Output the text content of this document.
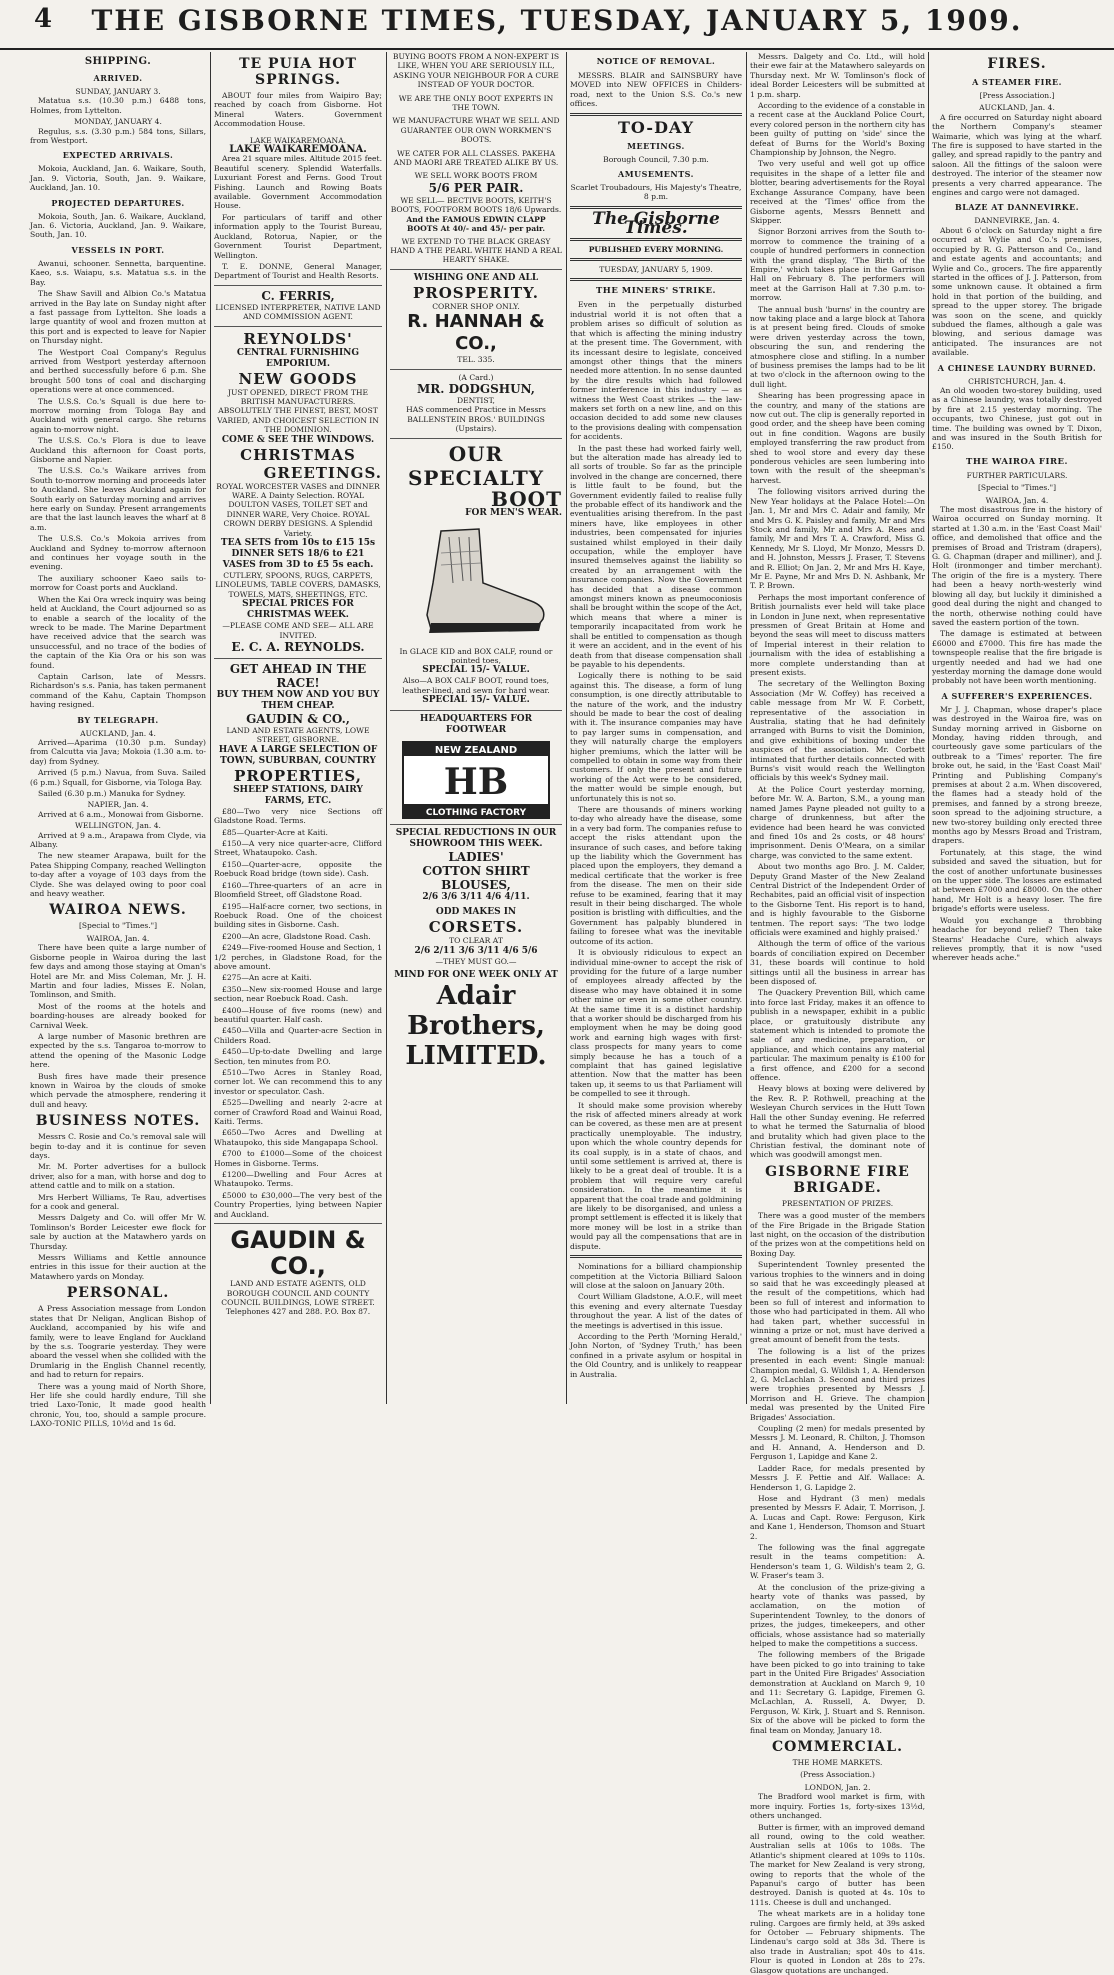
4	THE GISBORNE TIMES, TUESDAY, JANUARY 5, 1909.
SHIPPING.
ARRIVED.
SUNDAY, JANUARY 3.

Matatua s.s. (10.30 p.m.) 6488 tons, Holmes, from Lyttelton.

MONDAY, JANUARY 4.

Regulus, s.s. (3.30 p.m.) 584 tons, Sillars, from Westport.

EXPECTED ARRIVALS.

Mokoia, Auckland, Jan. 6. Waikare, South, Jan. 9. Victoria, South, Jan. 9. Waikare, Auckland, Jan. 10.

PROJECTED DEPARTURES.

Mokoia, South, Jan. 6. Waikare, Auckland, Jan. 6. Victoria, Auckland, Jan. 9. Waikare, South, Jan. 10.

VESSELS IN PORT.

Awanui, schooner. Sennetta, barquentine. Kaeo, s.s. Waiapu, s.s. Matatua s.s. in the Bay.

The Shaw Savill and Albion Co.'s Matatua arrived in the Bay late on Sunday night after a fast passage from Lyttelton. She loads a large quantity of wool and frozen mutton at this port and is expected to leave for Napier on Thursday night.

The Westport Coal Company's Regulus arrived from Westport yesterday afternoon and berthed successfully before 6 p.m. She brought 500 tons of coal and discharging operations were at once commenced.

The U.S.S. Co.'s Squall is due here to-morrow morning from Tologa Bay and Auckland with general cargo. She returns again to-morrow night.

The U.S.S. Co.'s Flora is due to leave Auckland this afternoon for Coast ports, Gisborne and Napier.

The U.S.S. Co.'s Waikare arrives from South to-morrow morning and proceeds later to Auckland. She leaves Auckland again for South early on Saturday morning and arrives here early on Sunday. Present arrangements are that the last launch leaves the wharf at 8 a.m.

The U.S.S. Co.'s Mokoia arrives from Auckland and Sydney to-morrow afternoon and continues her voyage south in the evening.

The auxiliary schooner Kaeo sails to-morrow for Coast ports and Auckland.

When the Kai Ora wreck inquiry was being held at Auckland, the Court adjourned so as to enable a search of the locality of the wreck to be made. The Marine Department have received advice that the search was unsuccessful, and no trace of the bodies of the captain of the Kia Ora or his son was found.

Captain Carlson, late of Messrs. Richardson's s.s. Pania, has taken permanent command of the Kahu, Captain Thompson having resigned.

BY TELEGRAPH.
AUCKLAND, Jan. 4.

Arrived—Aparima (10.30 p.m. Sunday) from Calcutta via Java; Mokoia (1.30 a.m. to-day) from Sydney.

Arrived (5 p.m.) Navua, from Suva. Sailed (6 p.m.) Squall, for Gisborne, via Tologa Bay.

Sailed (6.30 p.m.) Manuka for Sydney.

NAPIER, Jan. 4.

Arrived at 6 a.m., Monowai from Gisborne.

WELLINGTON, Jan. 4.

Arrived at 9 a.m., Arapawa from Clyde, via Albany.

The new steamer Arapawa, built for the Patea Shipping Company, reached Wellington to-day after a voyage of 103 days from the Clyde. She was delayed owing to poor coal and heavy weather.

WAIROA NEWS.
[Special to "Times."]
WAIROA, Jan. 4.

There have been quite a large number of Gisborne people in Wairoa during the last few days and among those staying at Oman's Hotel are Mr. and Miss Coleman, Mr. J. H. Martin and four ladies, Misses E. Nolan, Tomlinson, and Smith.

Most of the rooms at the hotels and boarding-houses are already booked for Carnival Week.

A large number of Masonic brethren are expected by the s.s. Tangaroa to-morrow to attend the opening of the Masonic Lodge here.

Bush fires have made their presence known in Wairoa by the clouds of smoke which pervade the atmosphere, rendering it dull and heavy.

BUSINESS NOTES.

Messrs C. Rosie and Co.'s removal sale will begin to-day and it is continue for seven days.

Mr. M. Porter advertises for a bullock driver, also for a man, with horse and dog to attend cattle and to milk on a station.

Mrs Herbert Williams, Te Rau, advertises for a cook and general.

Messrs Dalgety and Co. will offer Mr W. Tomlinson's Border Leicester ewe flock for sale by auction at the Matawhero yards on Thursday.

Messrs Williams and Kettle announce entries in this issue for their auction at the Matawhero yards on Monday.

PERSONAL.

A Press Association message from London states that Dr Neligan, Anglican Bishop of Auckland, accompanied by his wife and family, were to leave England for Auckland by the s.s. Toograrie yesterday. They were aboard the vessel when she collided with the Drumlarig in the English Channel recently, and had to return for repairs.

There was a young maid of North Shore, Her life she could hardly endure, Till she tried Laxo-Tonic, It made good health chronic, You, too, should a sample procure. LAXO-TONIC PILLS, 10½d and 1s 6d.

TE PUIA HOT SPRINGS.

ABOUT four miles from Waipiro Bay; reached by coach from Gisborne. Hot Mineral Waters. Government Accommodation House.

LAKE WAIKAREMOANA.
LAKE WAIKAREMOANA.

Area 21 square miles. Altitude 2015 feet. Beautiful scenery. Splendid Waterfalls. Luxuriant Forest and Ferns. Good Trout Fishing. Launch and Rowing Boats available. Government Accommodation House.

For particulars of tariff and other information apply to the Tourist Bureau, Auckland, Rotorua, Napier, or the Government Tourist Department, Wellington.

T. E. DONNE, General Manager, Department of Tourist and Health Resorts.

C. FERRIS,
LICENSED INTERPRETER, NATIVE LAND AND COMMISSION AGENT.
REYNOLDS'
CENTRAL FURNISHING EMPORIUM.
NEW GOODS
JUST OPENED, DIRECT FROM THE BRITISH MANUFACTURERS.
ABSOLUTELY THE FINEST, BEST, MOST VARIED, AND CHOICEST SELECTION IN THE DOMINION.
COME & SEE THE WINDOWS.
CHRISTMAS
GREETINGS.
ROYAL WORCESTER VASES and DINNER WARE. A Dainty Selection. ROYAL DOULTON VASES, TOILET SET and DINNER WARE, Very Choice. ROYAL CROWN DERBY DESIGNS. A Splendid Variety.
TEA SETS from 10s to £15 15s
DINNER SETS 18/6 to £21
VASES from 3D to £5 5s each.
CUTLERY, SPOONS, RUGS, CARPETS, LINOLEUMS, TABLE COVERS, DAMASKS, TOWELS, MATS, SHEETINGS, ETC.
SPECIAL PRICES FOR CHRISTMAS WEEK.
—PLEASE COME AND SEE— ALL ARE INVITED.
E. C. A. REYNOLDS.
GET AHEAD IN THE RACE!
BUY THEM NOW AND YOU BUY THEM CHEAP.
GAUDIN & CO.,
LAND AND ESTATE AGENTS, LOWE STREET, GISBORNE.
HAVE A LARGE SELECTION OF TOWN, SUBURBAN, COUNTRY
PROPERTIES,
SHEEP STATIONS, DAIRY FARMS, ETC.

£80—Two very nice Sections off Gladstone Road. Terms.

£85—Quarter-Acre at Kaiti.

£150—A very nice quarter-acre, Clifford Street, Whataupoko. Cash.

£150—Quarter-acre, opposite the Roebuck Road bridge (town side). Cash.

£160—Three-quarters of an acre in Bloomfield Street, off Gladstone Road.

£195—Half-acre corner, two sections, in Roebuck Road. One of the choicest building sites in Gisborne. Cash.

£200—An acre, Gladstone Road. Cash.

£249—Five-roomed House and Section, 1 1/2 perches, in Gladstone Road, for the above amount.

£275—An acre at Kaiti.

£350—New six-roomed House and large section, near Roebuck Road. Cash.

£400—House of five rooms (new) and beautiful quarter. Half cash.

£450—Villa and Quarter-acre Section in Childers Road.

£450—Up-to-date Dwelling and large Section, ten minutes from P.O.

£510—Two Acres in Stanley Road, corner lot. We can recommend this to any investor or speculator. Cash.

£525—Dwelling and nearly 2-acre at corner of Crawford Road and Wainui Road, Kaiti. Terms.

£650—Two Acres and Dwelling at Whataupoko, this side Mangapapa School.

£700 to £1000—Some of the choicest Homes in Gisborne. Terms.

£1200—Dwelling and Four Acres at Whataupoko. Terms.

£5000 to £30,000—The very best of the Country Properties, lying between Napier and Auckland.

GAUDIN & CO.,
LAND AND ESTATE AGENTS, OLD BOROUGH COUNCIL AND COUNTY COUNCIL BUILDINGS, LOWE STREET. Telephones 427 and 288. P.O. Box 87.
BUYING BOOTS FROM A NON-EXPERT IS LIKE, WHEN YOU ARE SERIOUSLY ILL, ASKING YOUR NEIGHBOUR FOR A CURE INSTEAD OF YOUR DOCTOR.
WE ARE THE ONLY BOOT EXPERTS IN THE TOWN.
WE MANUFACTURE WHAT WE SELL AND GUARANTEE OUR OWN WORKMEN'S BOOTS.
WE CATER FOR ALL CLASSES. PAKEHA AND MAORI ARE TREATED ALIKE BY US.
WE SELL WORK BOOTS FROM
5/6 PER PAIR.
WE SELL— BECTIVE BOOTS, KEITH'S BOOTS, FOOTFORM BOOTS 18/6 Upwards.
And the FAMOUS EDWIN CLAPP BOOTS At 40/- and 45/- per pair.
WE EXTEND TO THE BLACK GREASY HAND A THE PEARL WHITE HAND A REAL HEARTY SHAKE.
WISHING ONE AND ALL
PROSPERITY.
CORNER SHOP ONLY.
R. HANNAH & CO.,
TEL. 335.
(A Card.)
MR. DODGSHUN,
DENTIST,
HAS commenced Practice in Messrs BALLENSTEIN BROS.' BUILDINGS (Upstairs).
OUR SPECIALTY
BOOT
FOR MEN'S WEAR.
In GLACE KID and BOX CALF, round or pointed toes,
SPECIAL 15/- VALUE.
Also—A BOX CALF BOOT, round toes, leather-lined, and sewn for hard wear.
SPECIAL 15/- VALUE.
HEADQUARTERS FOR FOOTWEAR
NEW ZEALAND
HB
CLOTHING FACTORY
SPECIAL REDUCTIONS IN OUR SHOWROOM THIS WEEK.
LADIES'
COTTON SHIRT BLOUSES,
2/6 3/6 3/11 4/6 4/11.
ODD MAKES IN
CORSETS.
TO CLEAR AT
2/6 2/11 3/6 3/11 4/6 5/6
—THEY MUST GO.—
MIND FOR ONE WEEK ONLY AT
Adair Brothers, LIMITED.
NOTICE OF REMOVAL.

MESSRS. BLAIR and SAINSBURY have MOVED into NEW OFFICES in Childers-road, next to the Union S.S. Co.'s new offices.

TO-DAY
MEETINGS.
Borough Council, 7.30 p.m.
AMUSEMENTS.
Scarlet Troubadours, His Majesty's Theatre, 8 p.m.
The Gisborne Times.
PUBLISHED EVERY MORNING.
TUESDAY, JANUARY 5, 1909.
THE MINERS' STRIKE.

Even in the perpetually disturbed industrial world it is not often that a problem arises so difficult of solution as that which is affecting the mining industry at the present time. The Government, with its incessant desire to legislate, conceived amongst other things that the miners needed more attention. In no sense daunted by the dire results which had followed former interference in this industry — as witness the West Coast strikes — the law-makers set forth on a new line, and on this occasion decided to add some new clauses to the provisions dealing with compensation for accidents.

In the past these had worked fairly well, but the alteration made has already led to all sorts of trouble. So far as the principle involved in the change are concerned, there is little fault to be found, but the Government evidently failed to realise fully the probable effect of its handiwork and the eventualities arising therefrom. In the past miners have, like employees in other industries, been compensated for injuries sustained whilst employed in their daily occupation, while the employer have insured themselves against the liability so created by an arrangement with the insurance companies. Now the Government has decided that a disease common amongst miners known as pneumoconiosis shall be brought within the scope of the Act, which means that where a miner is temporarily incapacitated from work he shall be entitled to compensation as though it were an accident, and in the event of his death from that disease compensation shall be payable to his dependents.

Logically there is nothing to be said against this. The disease, a form of lung consumption, is one directly attributable to the nature of the work, and the industry should be made to bear the cost of dealing with it. The insurance companies may have to pay larger sums in compensation, and they will naturally charge the employers higher premiums, which the latter will be compelled to obtain in some way from their customers. If only the present and future working of the Act were to be considered, the matter would be simple enough, but unfortunately this is not so.

There are thousands of miners working to-day who already have the disease, some in a very bad form. The companies refuse to accept the risks attendant upon the insurance of such cases, and before taking up the liability which the Government has placed upon the employers, they demand a medical certificate that the worker is free from the disease. The men on their side refuse to be examined, fearing that it may result in their being discharged. The whole position is bristling with difficulties, and the Government has palpably blundered in failing to foresee what was the inevitable outcome of its action.

It is obviously ridiculous to expect an individual mine-owner to accept the risk of providing for the future of a large number of employees already affected by the disease who may have obtained it in some other mine or even in some other country. At the same time it is a distinct hardship that a worker should be discharged from his employment when he may be doing good work and earning high wages with first-class prospects for many years to come simply because he has a touch of a complaint that has gained legislative attention. Now that the matter has been taken up, it seems to us that Parliament will be compelled to see it through.

It should make some provision whereby the risk of affected miners already at work can be covered, as these men are at present practically unemployable. The industry, upon which the whole country depends for its coal supply, is in a state of chaos, and until some settlement is arrived at, there is likely to be a great deal of trouble. It is a problem that will require very careful consideration. In the meantime it is apparent that the coal trade and goldmining are likely to be disorganised, and unless a prompt settlement is effected it is likely that more money will be lost in a strike than would pay all the compensations that are in dispute.

Nominations for a billiard championship competition at the Victoria Billiard Saloon will close at the saloon on January 20th.

Court William Gladstone, A.O.F., will meet this evening and every alternate Tuesday throughout the year. A list of the dates of the meetings is advertised in this issue.

According to the Perth 'Morning Herald,' John Norton, of 'Sydney Truth,' has been confined in a private asylum or hospital in the Old Country, and is unlikely to reappear in Australia.

Messrs. Dalgety and Co. Ltd., will hold their ewe fair at the Matawhero saleyards on Thursday next. Mr W. Tomlinson's flock of ideal Border Leicesters will be submitted at 1 p.m. sharp.

According to the evidence of a constable in a recent case at the Auckland Police Court, every colored person in the northern city has been guilty of putting on 'side' since the defeat of Burns for the World's Boxing Championship by Johnson, the Negro.

Two very useful and well got up office requisites in the shape of a letter file and blotter, bearing advertisements for the Royal Exchange Assurance Company, have been received at the 'Times' office from the Gisborne agents, Messrs Bennett and Skipper.

Signor Borzoni arrives from the South to-morrow to commence the training of a couple of hundred performers in connection with the grand display, 'The Birth of the Empire,' which takes place in the Garrison Hall on February 8. The performers will meet at the Garrison Hall at 7.30 p.m. to-morrow.

The annual bush 'burns' in the country are now taking place and a large block at Tahora is at present being fired. Clouds of smoke were driven yesterday across the town, obscuring the sun, and rendering the atmosphere close and stifling. In a number of business premises the lamps had to be lit at two o'clock in the afternoon owing to the dull light.

Shearing has been progressing apace in the country, and many of the stations are now cut out. The clip is generally reported in good order, and the sheep have been coming out in fine condition. Wagons are busily employed transferring the raw product from shed to wool store and every day these ponderous vehicles are seen lumbering into town with the result of the sheepman's harvest.

The following visitors arrived during the New Year holidays at the Palace Hotel:—On Jan. 1, Mr and Mrs C. Adair and family, Mr and Mrs G. K. Paisley and family, Mr and Mrs Stock and family, Mr and Mrs A. Rees and family, Mr and Mrs T. A. Crawford, Miss G. Kennedy, Mr S. Lloyd, Mr Monzo, Messrs D. and H. Johnston, Messrs J. Fraser, T. Stevens and R. Elliot; On Jan. 2, Mr and Mrs H. Kaye, Mr E. Payne, Mr and Mrs D. N. Ashbank, Mr T. P. Brown.

Perhaps the most important conference of British journalists ever held will take place in London in June next, when representative pressmen of Great Britain at Home and beyond the seas will meet to discuss matters of Imperial interest in their relation to journalism with the idea of establishing a more complete understanding than at present exists.

The secretary of the Wellington Boxing Association (Mr W. Coffey) has received a cable message from Mr W. F. Corbett, representative of the association in Australia, stating that he had definitely arranged with Burns to visit the Dominion, and give exhibitions of boxing under the auspices of the association. Mr. Corbett intimated that further details connected with Burns's visit would reach the Wellington officials by this week's Sydney mail.

At the Police Court yesterday morning, before Mr. W. A. Barton, S.M., a young man named James Payne pleaded not guilty to a charge of drunkenness, but after the evidence had been heard he was convicted and fined 10s and 2s costs, or 48 hours' imprisonment. Denis O'Meara, on a similar charge, was convicted to the same extent.

About two months ago Bro. J. M. Calder, Deputy Grand Master of the New Zealand Central District of the Independent Order of Rechabites, paid an official visit of inspection to the Gisborne Tent. His report is to hand, and is highly favourable to the Gisborne tentmen. The report says: 'The two lodge officials were examined and highly praised.'

Although the term of office of the various boards of conciliation expired on December 31, these boards will continue to hold sittings until all the business in arrear has been disposed of.

The Quackery Prevention Bill, which came into force last Friday, makes it an offence to publish in a newspaper, exhibit in a public place, or gratuitously distribute any statement which is intended to promote the sale of any medicine, preparation, or appliance, and which contains any material particular. The maximum penalty is £100 for a first offence, and £200 for a second offence.

Heavy blows at boxing were delivered by the Rev. R. P. Rothwell, preaching at the Wesleyan Church services in the Hutt Town Hall the other Sunday evening. He referred to what he termed the Saturnalia of blood and brutality which had given place to the Christian festival, the dominant note of which was goodwill amongst men.

GISBORNE FIRE BRIGADE.
PRESENTATION OF PRIZES.

There was a good muster of the members of the Fire Brigade in the Brigade Station last night, on the occasion of the distribution of the prizes won at the competitions held on Boxing Day.

Superintendent Townley presented the various trophies to the winners and in doing so said that he was exceedingly pleased at the result of the competitions, which had been so full of interest and information to those who had participated in them. All who had taken part, whether successful in winning a prize or not, must have derived a great amount of benefit from the tests.

The following is a list of the prizes presented in each event: Single manual: Champion medal, G. Wildish 1, A. Henderson 2, G. McLachlan 3. Second and third prizes were trophies presented by Messrs J. Morrison and H. Grieve. The champion medal was presented by the United Fire Brigades' Association.

Coupling (2 men) for medals presented by Messrs J. M. Leonard, R. Chilton, J. Thomson and H. Annand, A. Henderson and D. Ferguson 1, Lapidge and Kane 2.

Ladder Race, for medals presented by Messrs J. F. Pettie and Alf. Wallace: A. Henderson 1, G. Lapidge 2.

Hose and Hydrant (3 men) medals presented by Messrs F. Adair, T. Morrison, J. A. Lucas and Capt. Rowe: Ferguson, Kirk and Kane 1, Henderson, Thomson and Stuart 2.

The following was the final aggregate result in the teams competition: A. Henderson's team 1, G. Wildish's team 2, G. W. Fraser's team 3.

At the conclusion of the prize-giving a hearty vote of thanks was passed, by acclamation, on the motion of Superintendent Townley, to the donors of prizes, the judges, timekeepers, and other officials, whose assistance had so materially helped to make the competitions a success.

The following members of the Brigade have been picked to go into training to take part in the United Fire Brigades' Association demonstration at Auckland on March 9, 10 and 11: Secretary G. Lapidge, Firemen G. McLachlan, A. Russell, A. Dwyer, D. Ferguson, W. Kirk, J. Stuart and S. Rennison. Six of the above will be picked to form the final team on Monday, January 18.

COMMERCIAL.
THE HOME MARKETS.
(Press Association.)
LONDON, Jan. 2.

The Bradford wool market is firm, with more inquiry. Forties 1s, forty-sixes 13½d, others unchanged.

Butter is firmer, with an improved demand all round, owing to the cold weather. Australian sells at 106s to 108s. The Atlantic's shipment cleared at 109s to 110s. The market for New Zealand is very strong, owing to reports that the whole of the Papanui's cargo of butter has been destroyed. Danish is quoted at 4s. 10s to 111s. Cheese is dull and unchanged.

The wheat markets are in a holiday tone ruling. Cargoes are firmly held, at 39s asked for October — February shipments. The Lindenau's cargo sold at 38s 3d. There is also trade in Australian; spot 40s to 41s. Flour is quoted in London at 28s to 27s. Glasgow quotations are unchanged.

FIRES.
A STEAMER FIRE.
[Press Association.]
AUCKLAND, Jan. 4.

A fire occurred on Saturday night aboard the Northern Company's steamer Waimarie, which was lying at the wharf. The fire is supposed to have started in the galley, and spread rapidly to the pantry and saloon. All the fittings of the saloon were destroyed. The interior of the steamer now presents a very charred appearance. The engines and cargo were not damaged.

BLAZE AT DANNEVIRKE.
DANNEVIRKE, Jan. 4.

About 6 o'clock on Saturday night a fire occurred at Wylie and Co.'s premises, occupied by R. G. Patterson and Co., land and estate agents and accountants; and Wylie and Co., grocers. The fire apparently started in the offices of J. J. Patterson, from some unknown cause. It obtained a firm hold in that portion of the building, and spread to the upper storey. The brigade was soon on the scene, and quickly subdued the flames, although a gale was blowing, and serious damage was anticipated. The insurances are not available.

A CHINESE LAUNDRY BURNED.
CHRISTCHURCH, Jan. 4.

An old wooden two-storey building, used as a Chinese laundry, was totally destroyed by fire at 2.15 yesterday morning. The occupants, two Chinese, just got out in time. The building was owned by T. Dixon, and was insured in the South British for £150.

THE WAIROA FIRE.
FURTHER PARTICULARS.
[Special to "Times."]
WAIROA, Jan. 4.

The most disastrous fire in the history of Wairoa occurred on Sunday morning. It started at 1.30 a.m. in the 'East Coast Mail' office, and demolished that office and the premises of Broad and Tristram (drapers), G. G. Chapman (draper and milliner), and J. Holt (ironmonger and timber merchant). The origin of the fire is a mystery. There had been a heavy north-westerly wind blowing all day, but luckily it diminished a good deal during the night and changed to the north, otherwise nothing could have saved the eastern portion of the town.

The damage is estimated at between £6000 and £7000. This fire has made the townspeople realise that the fire brigade is urgently needed and had we had one yesterday morning the damage done would probably not have been worth mentioning.

A SUFFERER'S EXPERIENCES.

Mr J. J. Chapman, whose draper's place was destroyed in the Wairoa fire, was on Sunday morning arrived in Gisborne on Monday, having ridden through, and courteously gave some particulars of the outbreak to a 'Times' reporter. The fire broke out, he said, in the 'East Coast Mail' Printing and Publishing Company's premises at about 2 a.m. When discovered, the flames had a steady hold of the premises, and fanned by a strong breeze, soon spread to the adjoining structure, a new two-storey building only erected three months ago by Messrs Broad and Tristram, drapers.

Fortunately, at this stage, the wind subsided and saved the situation, but for the cost of another unfortunate businesses on the upper side. The losses are estimated at between £7000 and £8000. On the other hand, Mr Holt is a heavy loser. The fire brigade's efforts were useless.

Would you exchange a throbbing headache for beyond relief? Then take Stearns' Headache Cure, which always relieves promptly, that it is now "used wherever heads ache."
